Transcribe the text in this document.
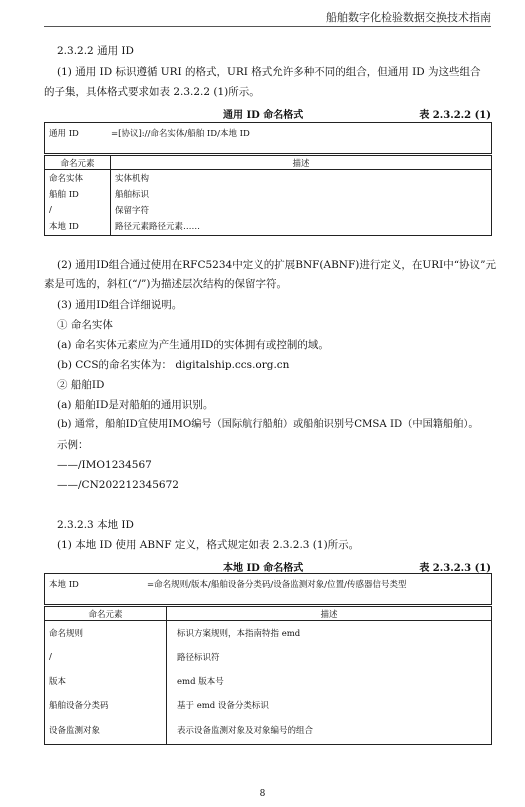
船舶数字化检验数据交换技术指南
2.3.2.2 通用 ID
(1) 通用 ID 标识遵循 URI 的格式，URI 格式允许多种不同的组合，但通用 ID 为这些组合
的子集，具体格式要求如表 2.3.2.2 (1)所示。
通用 ID 命名格式	表 2.3.2.2 (1)
通用 ID =[协议]://命名实体/船舶 ID/本地 ID	

命名元素	描述
命名实体	实体机构
船舶 ID	船舶标识
/	保留字符
本地 ID	路径元素路径元素……
(2) 通用ID组合通过使用在RFC5234中定义的扩展BNF(ABNF)进行定义，在URI中“协议”元
素是可选的，斜杠(“/”)为描述层次结构的保留字符。
(3) 通用ID组合详细说明。
① 命名实体
(a) 命名实体元素应为产生通用ID的实体拥有或控制的域。
(b) CCS的命名实体为： digitalship.ccs.org.cn
② 船舶ID
(a) 船舶ID是对船舶的通用识别。
(b) 通常，船舶ID宜使用IMO编号（国际航行船舶）或船舶识别号CMSA ID（中国籍船舶）。
示例：
——/IMO1234567
——/CN202212345672
2.3.2.3 本地 ID
(1) 本地 ID 使用 ABNF 定义，格式规定如表 2.3.2.3 (1)所示。
本地 ID 命名格式	表 2.3.2.3 (1)
本地 ID =命名规则/版本/船舶设备分类码/设备监测对象/位置/传感器信号类型	

命名元素	描述
命名规则	标识方案规则，本指南特指 emd
/	路径标识符
版本	emd 版本号
船舶设备分类码	基于 emd 设备分类标识
设备监测对象	表示设备监测对象及对象编号的组合
8
